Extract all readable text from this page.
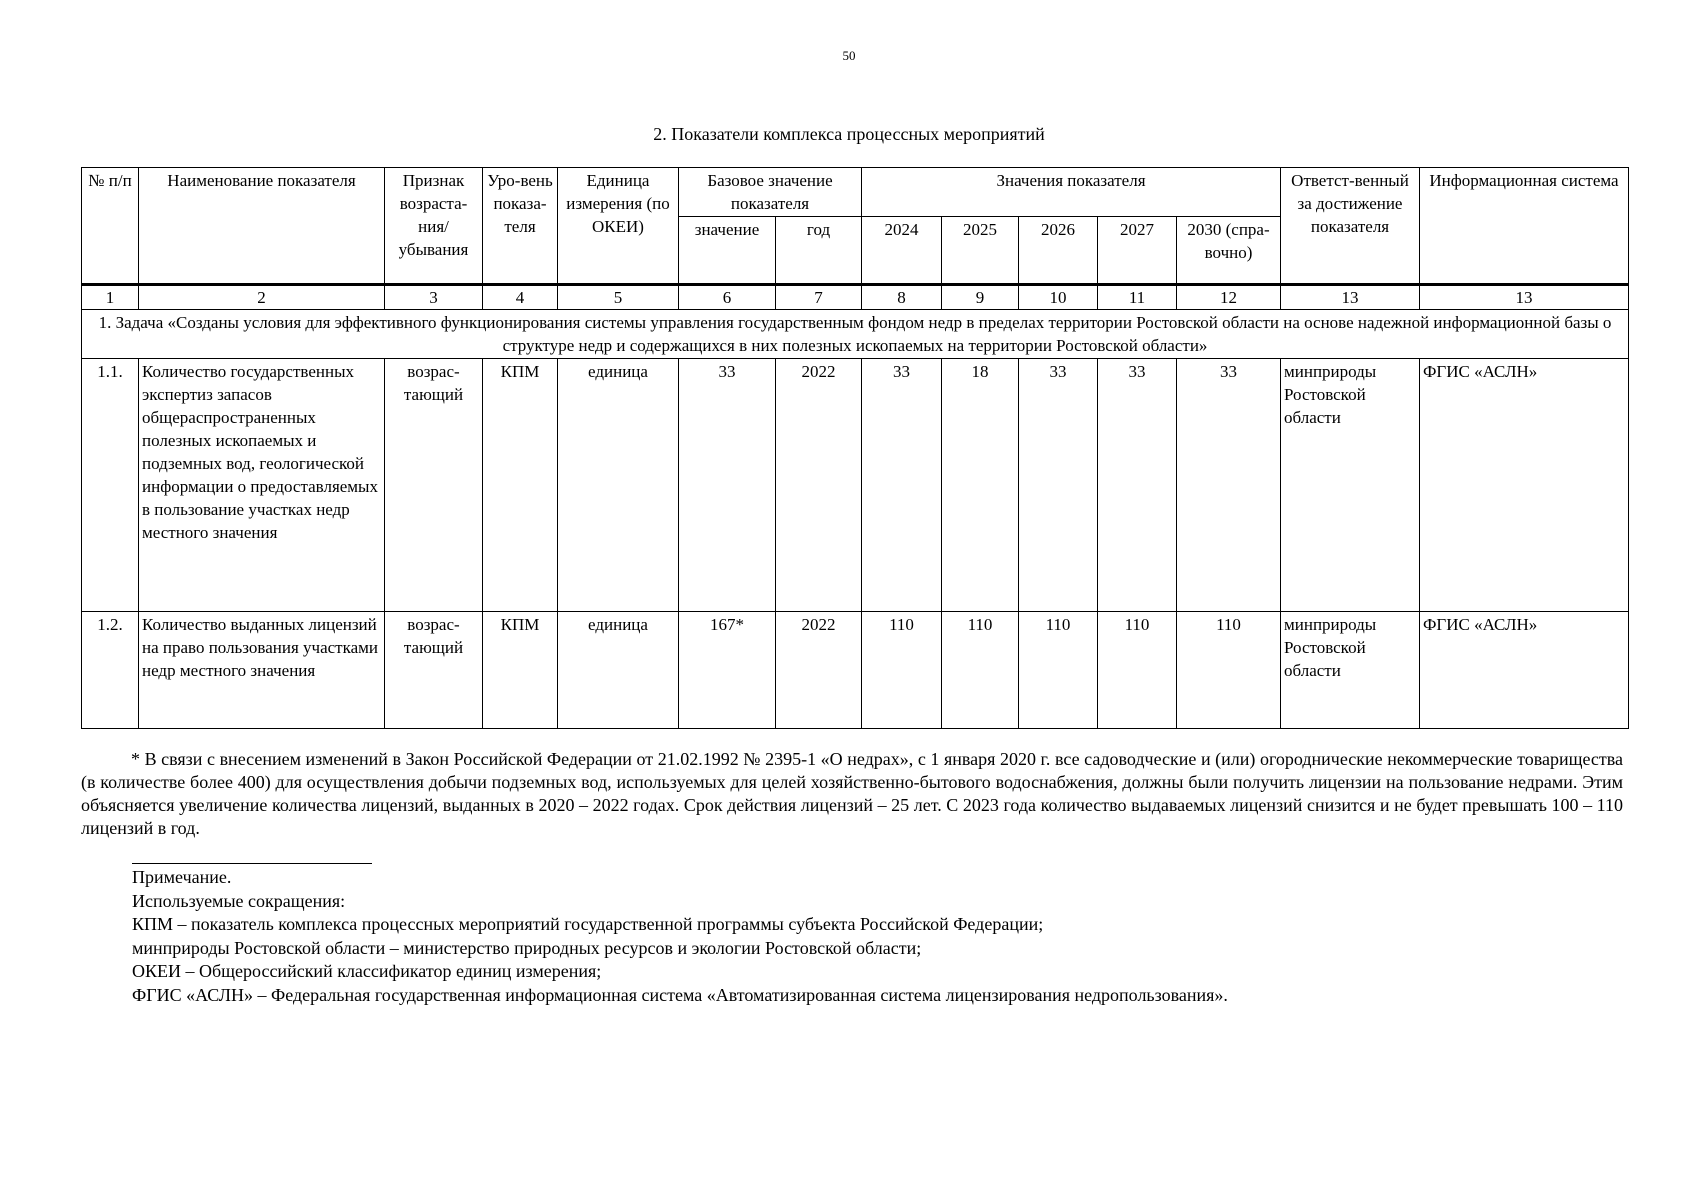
50
2. Показатели комплекса процессных мероприятий
№ п/п	Наименование показателя	Признак возраста-ния/ убывания	Уро-вень показа-теля	Единица измерения (по ОКЕИ)	Базовое значение показателя		Значения показателя					Ответст-венный за достижение показателя	Информационная система
					значение	год	2024	2025	2026	2027	2030 (спра-вочно)		
1	2	3	4	5	6	7	8	9	10	11	12	13	13
1. Задача «Созданы условия для эффективного функционирования системы управления государственным фондом недр в пределах территории Ростовской области на основе надежной информационной базы о структуре недр и содержащихся в них полезных ископаемых на территории Ростовской области»													
1.1.	Количество государственных экспертиз запасов общераспространенных полезных ископаемых и подземных вод, геологической информации о предоставляемых в пользование участках недр местного значения	возрас-тающий	КПМ	единица	33	2022	33	18	33	33	33	минприроды Ростовской области	ФГИС «АСЛН»
1.2.	Количество выданных лицензий на право пользования участками недр местного значения	возрас-тающий	КПМ	единица	167*	2022	110	110	110	110	110	минприроды Ростовской области	ФГИС «АСЛН»
* В связи с внесением изменений в Закон Российской Федерации от 21.02.1992 № 2395-1 «О недрах», с 1 января 2020 г. все садоводческие и (или) огороднические некоммерческие товарищества (в количестве более 400) для осуществления добычи подземных вод, используемых для целей хозяйственно-бытового водоснабжения, должны были получить лицензии на пользование недрами. Этим объясняется увеличение количества лицензий, выданных в 2020 – 2022 годах. Срок действия лицензий – 25 лет. С 2023 года количество выдаваемых лицензий снизится и не будет превышать 100 – 110 лицензий в год.
Примечание.
Используемые сокращения:
КПМ – показатель комплекса процессных мероприятий государственной программы субъекта Российской Федерации;
минприроды Ростовской области – министерство природных ресурсов и экологии Ростовской области;
ОКЕИ – Общероссийский классификатор единиц измерения;
ФГИС «АСЛН» – Федеральная государственная информационная система «Автоматизированная система лицензирования недропользования».
